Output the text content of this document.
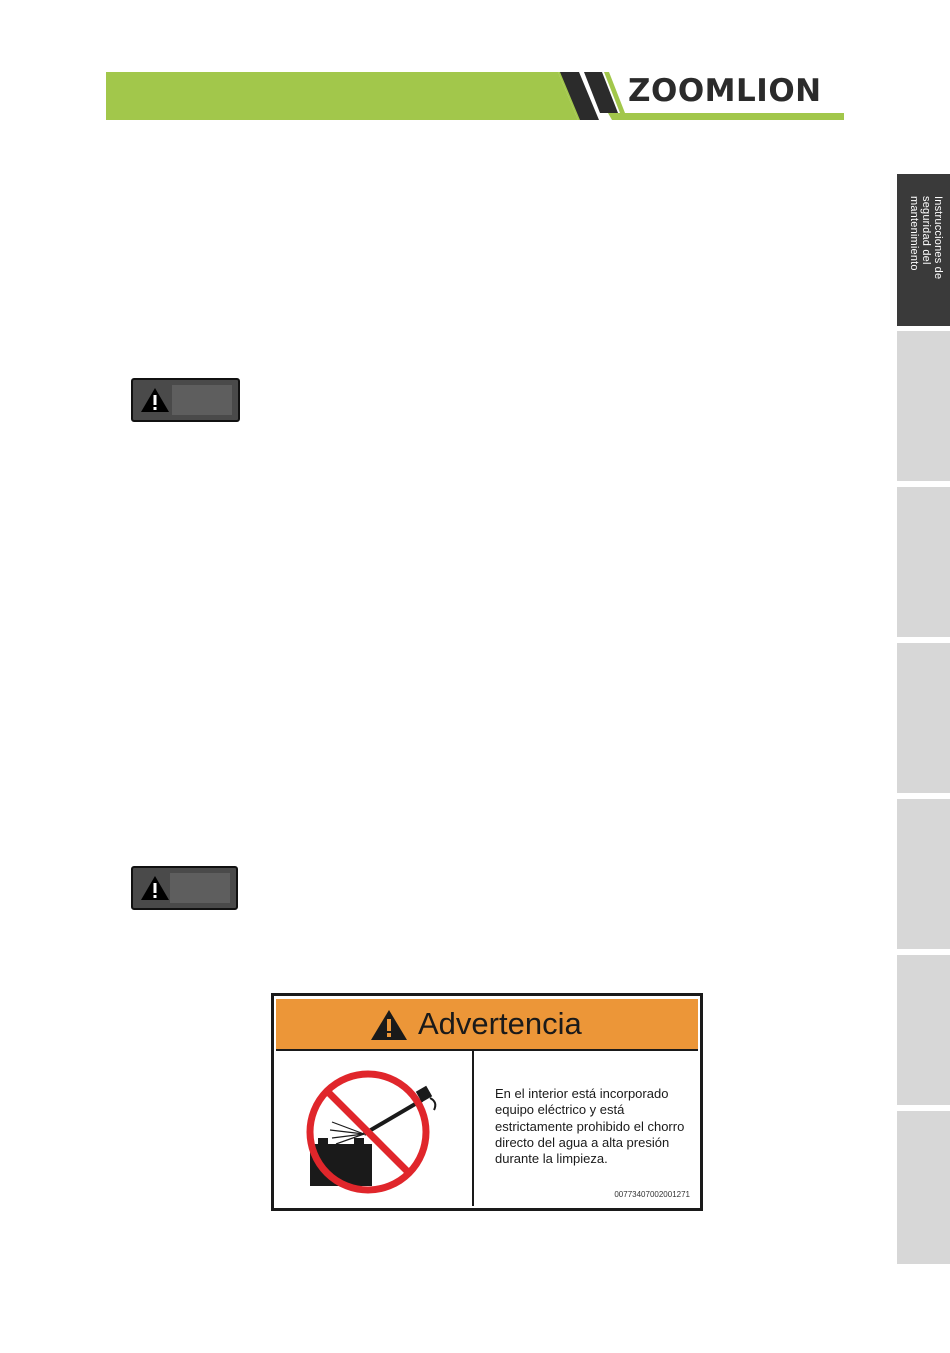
ZOOMLION
Instrucciones de seguridad del mantenimiento
Advertencia
En el interior está incorporado equipo eléctrico y está estrictamente prohibido el chorro directo del agua a alta presión durante la limpieza.
00773407002001271
